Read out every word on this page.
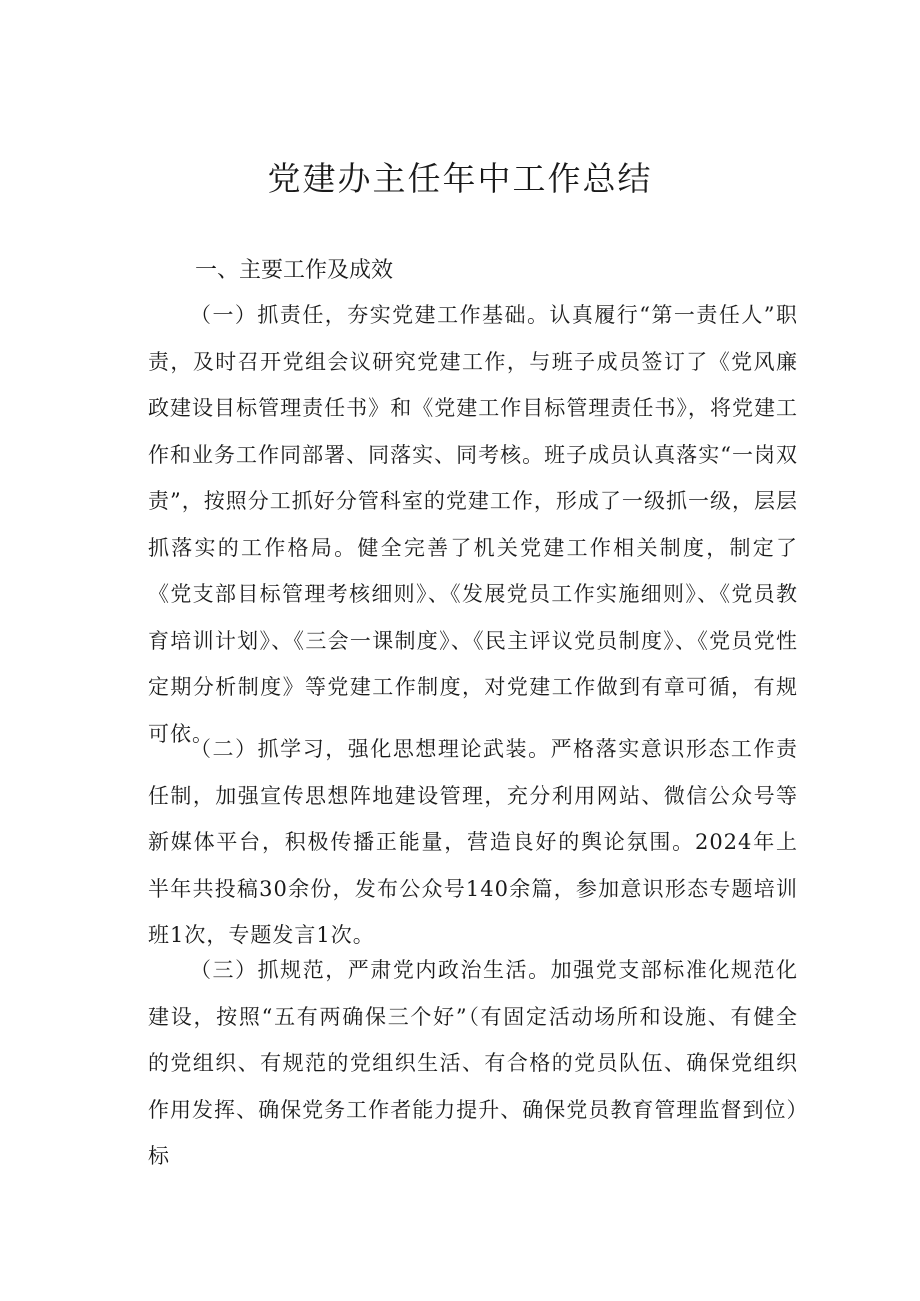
党建办主任年中工作总结
一、主要工作及成效

（一）抓责任，夯实党建工作基础。认真履行“第一责任人”职责，及时召开党组会议研究党建工作，与班子成员签订了《党风廉政建设目标管理责任书》和《党建工作目标管理责任书》，将党建工作和业务工作同部署、同落实、同考核。班子成员认真落实“一岗双责”，按照分工抓好分管科室的党建工作，形成了一级抓一级，层层抓落实的工作格局。健全完善了机关党建工作相关制度，制定了《党支部目标管理考核细则》、《发展党员工作实施细则》、《党员教育培训计划》、《三会一课制度》、《民主评议党员制度》、《党员党性定期分析制度》等党建工作制度，对党建工作做到有章可循，有规可依。

（二）抓学习，强化思想理论武装。严格落实意识形态工作责任制，加强宣传思想阵地建设管理，充分利用网站、微信公众号等新媒体平台，积极传播正能量，营造良好的舆论氛围。2024年上半年共投稿30余份，发布公众号140余篇，参加意识形态专题培训班1次，专题发言1次。

（三）抓规范，严肃党内政治生活。加强党支部标准化规范化建设，按照“五有两确保三个好”（有固定活动场所和设施、有健全的党组织、有规范的党组织生活、有合格的党员队伍、确保党组织作用发挥、确保党务工作者能力提升、确保党员教育管理监督到位）标
